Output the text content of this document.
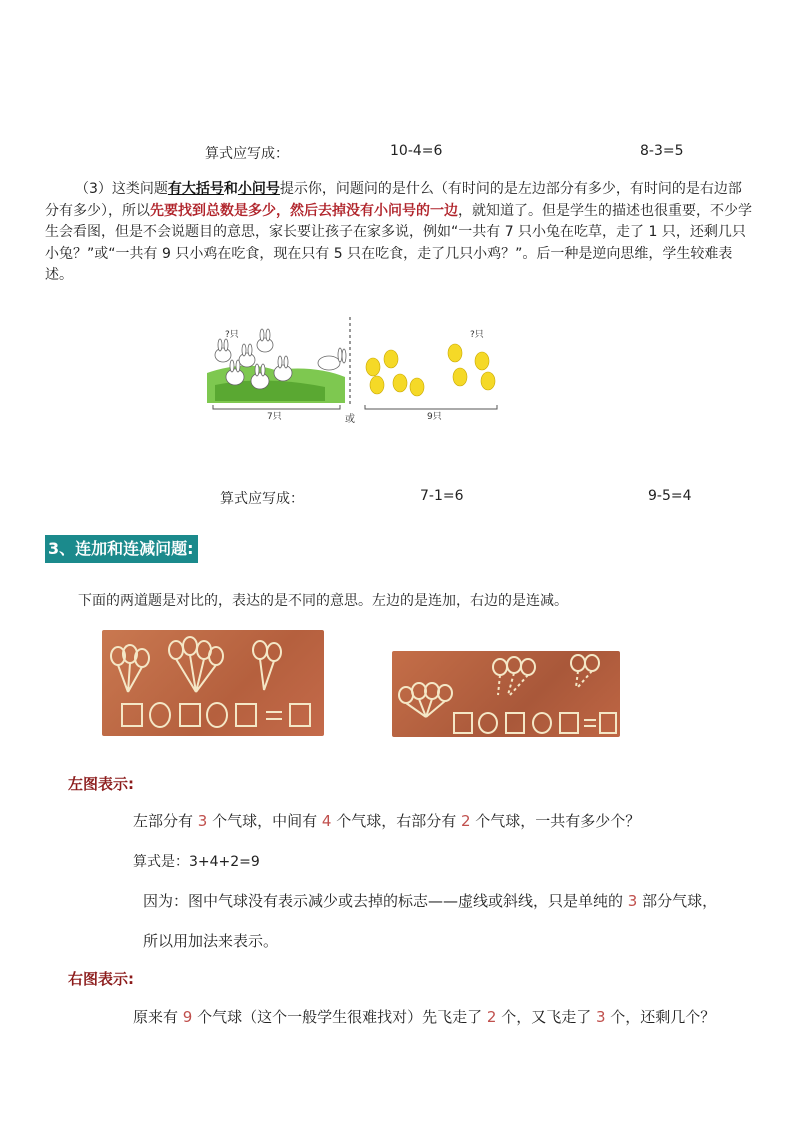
算式应写成：	10-4=6	8-3=5
（3）这类问题有大括号和小问号提示你，问题问的是什么（有时问的是左边部分有多少，有时问的是右边部分有多少），所以先要找到总数是多少，然后去掉没有小问号的一边，就知道了。但是学生的描述也很重要，不少学生会看图，但是不会说题目的意思，家长要让孩子在家多说，例如“一共有 7 只小兔在吃草，走了 1 只，还剩几只小兔？”或“一共有 9 只小鸡在吃食，现在只有 5 只在吃食，走了几只小鸡？”。后一种是逆向思维，学生较难表述。
?只
7只	或
?只
9只
算式应写成：	7-1=6	9-5=4
3、连加和连减问题:
下面的两道题是对比的，表达的是不同的意思。左边的是连加，右边的是连减。
左图表示:
左部分有 3 个气球，中间有 4 个气球，右部分有 2 个气球，一共有多少个？
算式是：3+4+2=9
因为：图中气球没有表示减少或去掉的标志——虚线或斜线，只是单纯的 3 部分气球，
所以用加法来表示。
右图表示:
原来有 9 个气球（这个一般学生很难找对）先飞走了 2 个，又飞走了 3 个，还剩几个？
